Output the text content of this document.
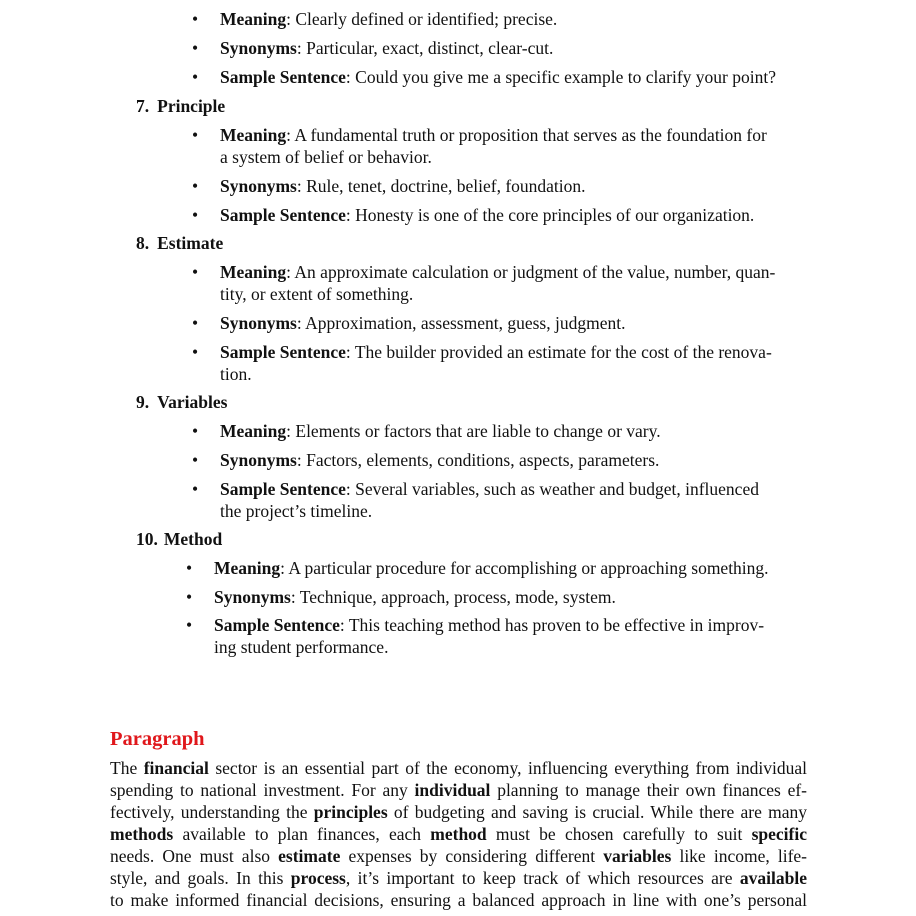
• Meaning: Clearly defined or identified; precise.
• Synonyms: Particular, exact, distinct, clear-cut.
• Sample Sentence: Could you give me a specific example to clarify your point?
7. Principle
• Meaning: A fundamental truth or proposition that serves as the foundation for
a system of belief or behavior.
• Synonyms: Rule, tenet, doctrine, belief, foundation.
• Sample Sentence: Honesty is one of the core principles of our organization.
8. Estimate
• Meaning: An approximate calculation or judgment of the value, number, quan-
tity, or extent of something.
• Synonyms: Approximation, assessment, guess, judgment.
• Sample Sentence: The builder provided an estimate for the cost of the renova-
tion.
9. Variables
• Meaning: Elements or factors that are liable to change or vary.
• Synonyms: Factors, elements, conditions, aspects, parameters.
• Sample Sentence: Several variables, such as weather and budget, influenced
the project’s timeline.
10. Method
• Meaning: A particular procedure for accomplishing or approaching something.
• Synonyms: Technique, approach, process, mode, system.
• Sample Sentence: This teaching method has proven to be effective in improv-
ing student performance.
Paragraph
The financial sector is an essential part of the economy, influencing everything from individual
spending to national investment. For any individual planning to manage their own finances ef-
fectively, understanding the principles of budgeting and saving is crucial. While there are many
methods available to plan finances, each method must be chosen carefully to suit specific
needs. One must also estimate expenses by considering different variables like income, life-
style, and goals. In this process, it’s important to keep track of which resources are available
to make informed financial decisions, ensuring a balanced approach in line with one’s personal
